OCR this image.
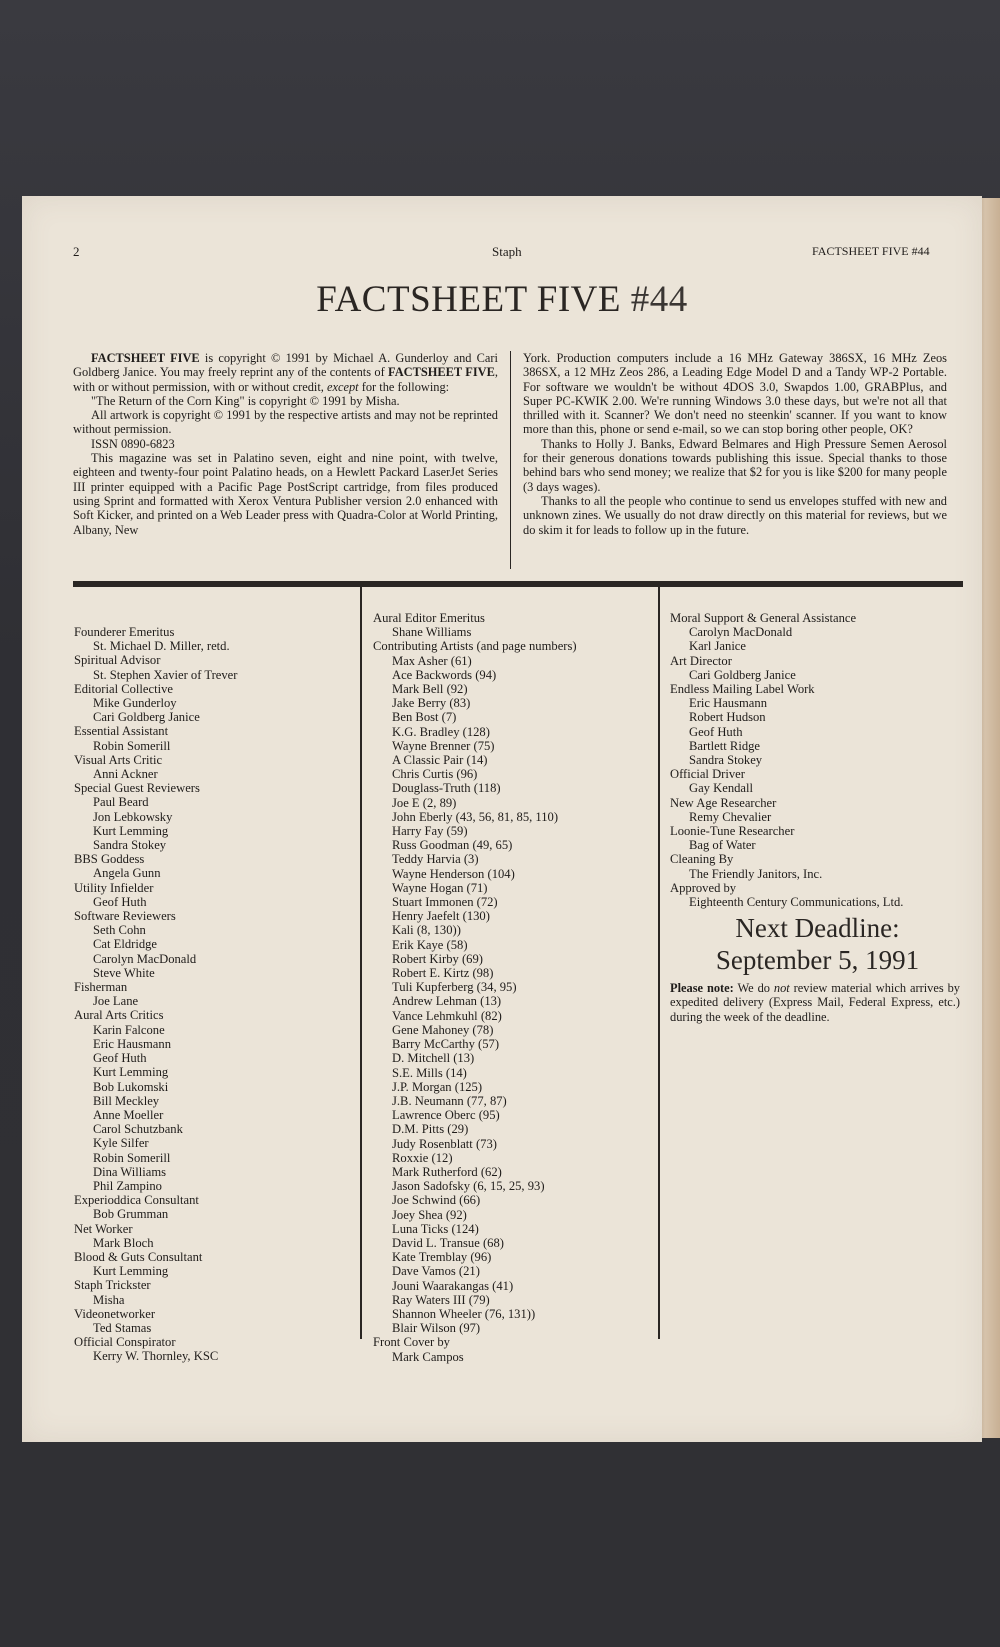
2	Staph	FACTSHEET FIVE #44
FACTSHEET FIVE #44

FACTSHEET FIVE is copyright © 1991 by Michael A. Gunderloy and Cari Goldberg Janice. You may freely reprint any of the contents of FACTSHEET FIVE, with or without permission, with or without credit, except for the following:

"The Return of the Corn King" is copyright © 1991 by Misha.

All artwork is copyright © 1991 by the respective artists and may not be reprinted without permission.

ISSN 0890-6823

This magazine was set in Palatino seven, eight and nine point, with twelve, eighteen and twenty-four point Palatino heads, on a Hewlett Packard LaserJet Series III printer equipped with a Pacific Page PostScript cartridge, from files produced using Sprint and formatted with Xerox Ventura Publisher version 2.0 enhanced with Soft Kicker, and printed on a Web Leader press with Quadra-Color at World Printing, Albany, New

York. Production computers include a 16 MHz Gateway 386SX, 16 MHz Zeos 386SX, a 12 MHz Zeos 286, a Leading Edge Model D and a Tandy WP-2 Portable. For software we wouldn't be without 4DOS 3.0, Swapdos 1.00, GRABPlus, and Super PC-KWIK 2.00. We're running Windows 3.0 these days, but we're not all that thrilled with it. Scanner? We don't need no steenkin' scanner. If you want to know more than this, phone or send e-mail, so we can stop boring other people, OK?

Thanks to Holly J. Banks, Edward Belmares and High Pressure Semen Aerosol for their generous donations towards publishing this issue. Special thanks to those behind bars who send money; we realize that $2 for you is like $200 for many people (3 days wages).

Thanks to all the people who continue to send us envelopes stuffed with new and unknown zines. We usually do not draw directly on this material for reviews, but we do skim it for leads to follow up in the future.

Founderer Emeritus
St. Michael D. Miller, retd.
Spiritual Advisor
St. Stephen Xavier of Trever
Editorial Collective
Mike Gunderloy
Cari Goldberg Janice
Essential Assistant
Robin Somerill
Visual Arts Critic
Anni Ackner
Special Guest Reviewers
Paul Beard
Jon Lebkowsky
Kurt Lemming
Sandra Stokey
BBS Goddess
Angela Gunn
Utility Infielder
Geof Huth
Software Reviewers
Seth Cohn
Cat Eldridge
Carolyn MacDonald
Steve White
Fisherman
Joe Lane
Aural Arts Critics
Karin Falcone
Eric Hausmann
Geof Huth
Kurt Lemming
Bob Lukomski
Bill Meckley
Anne Moeller
Carol Schutzbank
Kyle Silfer
Robin Somerill
Dina Williams
Phil Zampino
Experioddica Consultant
Bob Grumman
Net Worker
Mark Bloch
Blood & Guts Consultant
Kurt Lemming
Staph Trickster
Misha
Videonetworker
Ted Stamas
Official Conspirator
Kerry W. Thornley, KSC
Aural Editor Emeritus
Shane Williams
Contributing Artists (and page numbers)
Max Asher (61)
Ace Backwords (94)
Mark Bell (92)
Jake Berry (83)
Ben Bost (7)
K.G. Bradley (128)
Wayne Brenner (75)
A Classic Pair (14)
Chris Curtis (96)
Douglass-Truth (118)
Joe E (2, 89)
John Eberly (43, 56, 81, 85, 110)
Harry Fay (59)
Russ Goodman (49, 65)
Teddy Harvia (3)
Wayne Henderson (104)
Wayne Hogan (71)
Stuart Immonen (72)
Henry Jaefelt (130)
Kali (8, 130))
Erik Kaye (58)
Robert Kirby (69)
Robert E. Kirtz (98)
Tuli Kupferberg (34, 95)
Andrew Lehman (13)
Vance Lehmkuhl (82)
Gene Mahoney (78)
Barry McCarthy (57)
D. Mitchell (13)
S.E. Mills (14)
J.P. Morgan (125)
J.B. Neumann (77, 87)
Lawrence Oberc (95)
D.M. Pitts (29)
Judy Rosenblatt (73)
Roxxie (12)
Mark Rutherford (62)
Jason Sadofsky (6, 15, 25, 93)
Joe Schwind (66)
Joey Shea (92)
Luna Ticks (124)
David L. Transue (68)
Kate Tremblay (96)
Dave Vamos (21)
Jouni Waarakangas (41)
Ray Waters III (79)
Shannon Wheeler (76, 131))
Blair Wilson (97)
Front Cover by
Mark Campos
Moral Support & General Assistance
Carolyn MacDonald
Karl Janice
Art Director
Cari Goldberg Janice
Endless Mailing Label Work
Eric Hausmann
Robert Hudson
Geof Huth
Bartlett Ridge
Sandra Stokey
Official Driver
Gay Kendall
New Age Researcher
Remy Chevalier
Loonie-Tune Researcher
Bag of Water
Cleaning By
The Friendly Janitors, Inc.
Approved by
Eighteenth Century Communications, Ltd.
Next Deadline:
September 5, 1991
Please note: We do not review material which arrives by expedited delivery (Express Mail, Federal Express, etc.) during the week of the deadline.
